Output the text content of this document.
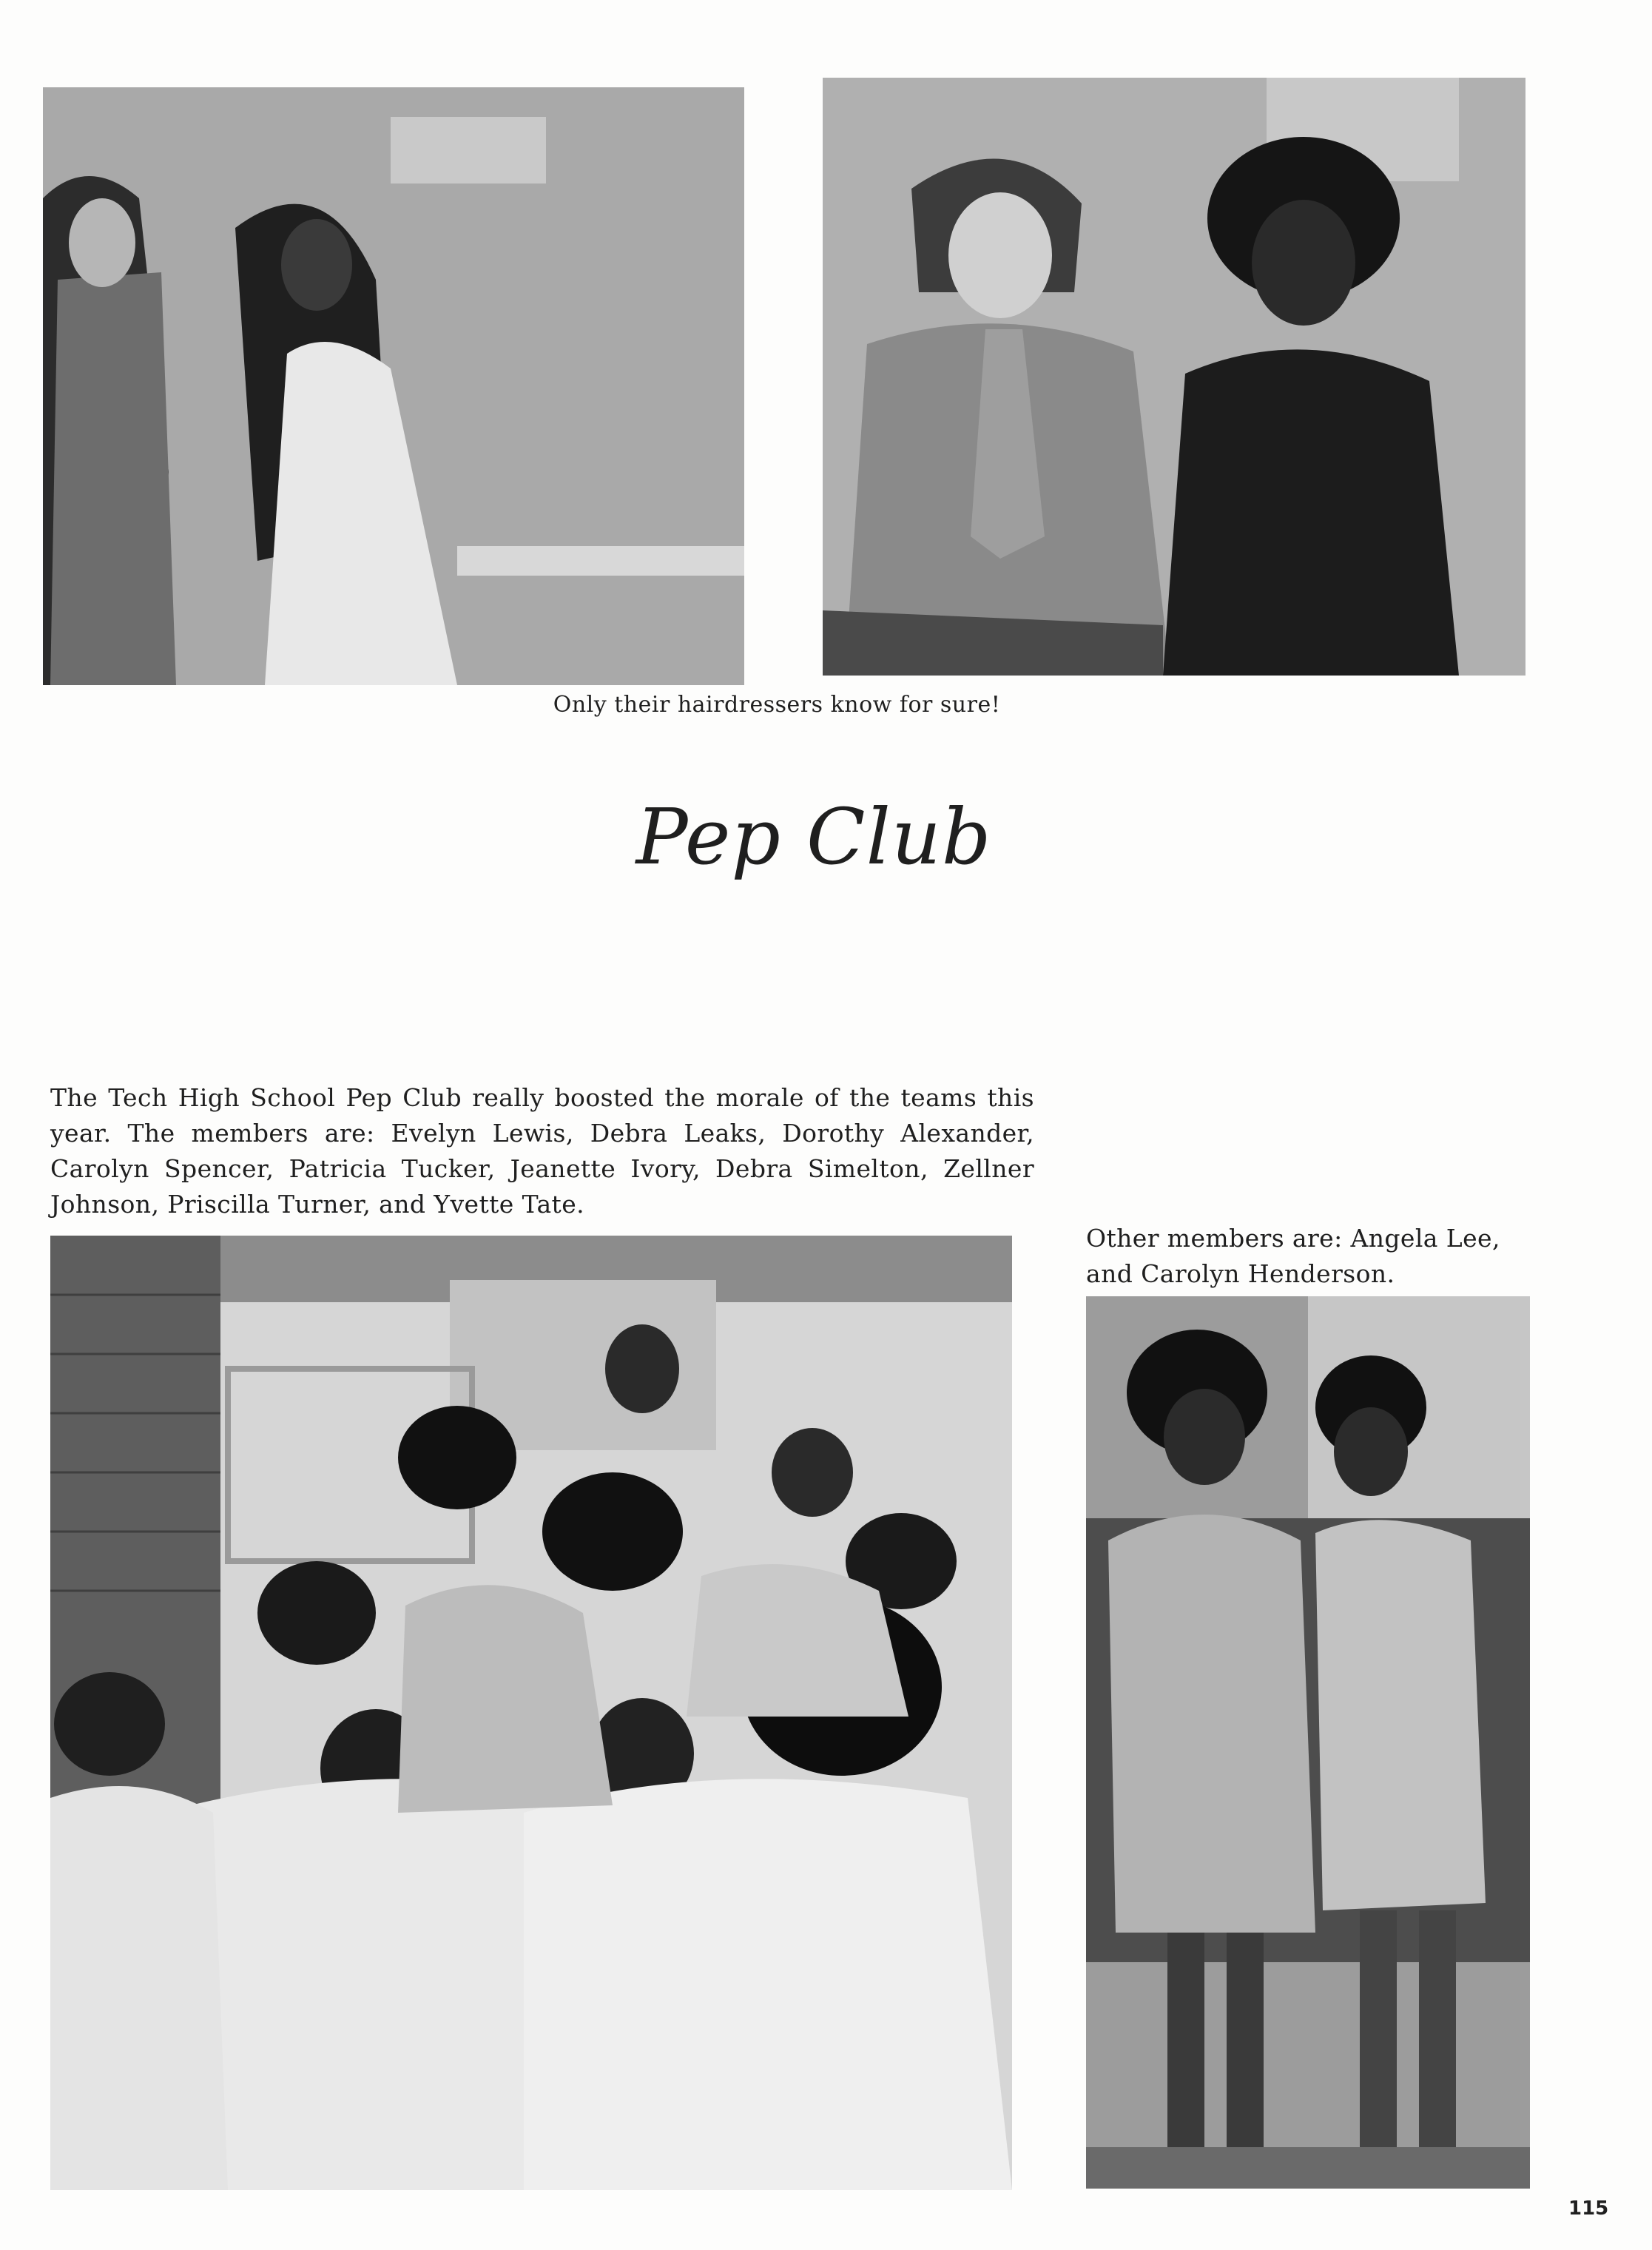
Only their hairdressers know for sure!
Pep Club

The Tech High School Pep Club really boosted the morale of the teams this year. The members are: Evelyn Lewis, Debra Leaks, Dorothy Alexander, Carolyn Spencer, Patricia Tucker, Jeanette Ivory, Debra Simelton, Zellner Johnson, Priscilla Turner, and Yvette Tate.

Other members are: Angela Lee, and Carolyn Henderson.

115
